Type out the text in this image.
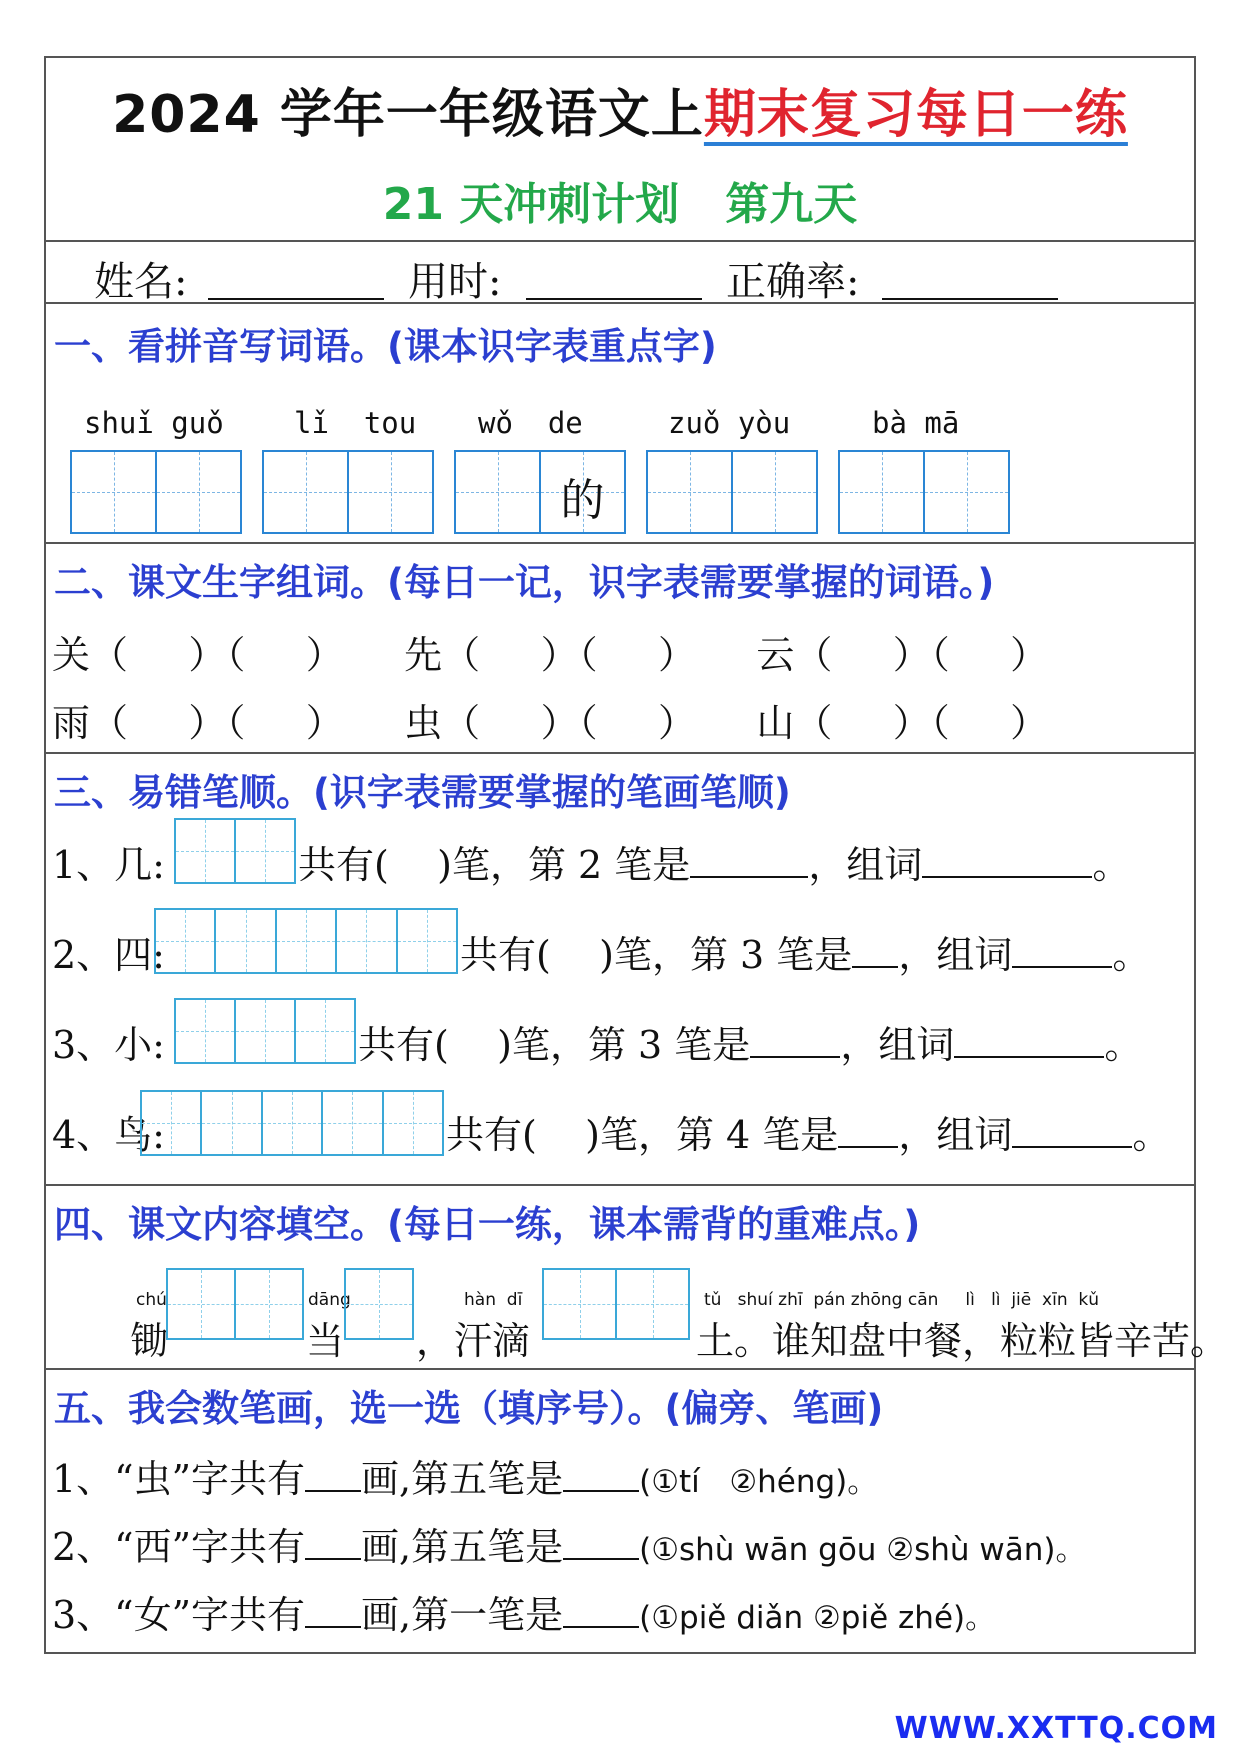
2024 学年一年级语文上期末复习每日一练
21 天冲刺计划   第九天
姓名:	用时:	正确率:
一、看拼音写词语。(课本识字表重点字)
shuǐ guǒ lǐ  tou wǒ  de	zuǒ yòu	bà mā
的
二、课文生字组词。(每日一记，识字表需要掌握的词语。)
关（     ）（     ）     先（     ）（     ）     云（     ）（     ）
雨（     ）（     ）     虫（     ）（     ）     山（     ）（     ）
三、易错笔顺。(识字表需要掌握的笔画笔顺)
1、几:	共有(    )笔，第 2 笔是	，组词	。
2、四:	共有(    )笔，第 3 笔是 ，组词	。
3、小:	共有(    )笔，第 3 笔是 ，组词	。
4、鸟:	共有(    )笔，第 4 笔是 ，组词	。
四、课文内容填空。(每日一练，课本需背的重难点。)
chú
锄
dāng
当
hàn  dī
，汗滴
tǔ   shuí zhī  pán zhōng cān     lì   lì  jiē  xīn  kǔ
土。谁知盘中餐，粒粒皆辛苦。
五、我会数笔画，选一选（填序号）。(偏旁、笔画)
1、“虫”字共有 画,第五笔是 (①tí   ②héng)。
2、“西”字共有 画,第五笔是 (①shù wān gōu ②shù wān)。
3、“女”字共有 画,第一笔是 (①piě diǎn ②piě zhé)。
WWW.XXTTQ.COM
